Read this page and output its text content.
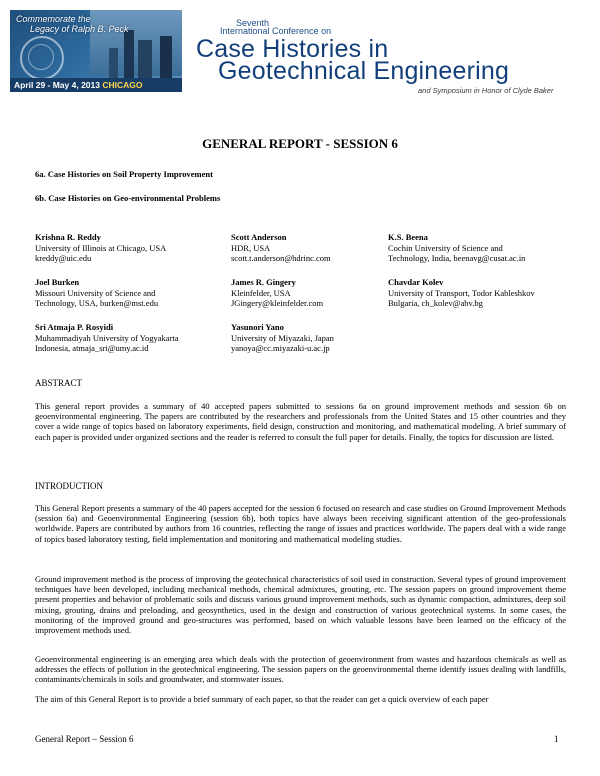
Commemorate the
Legacy of Ralph B. Peck
April 29 - May 4, 2013 CHICAGO
Seventh
International Conference on
Case Histories in
Geotechnical Engineering
and Symposium in Honor of Clyde Baker
GENERAL REPORT - SESSION 6
6a. Case Histories on Soil Property Improvement
6b. Case Histories on Geo-environmental Problems
Krishna R. Reddy
University of Illinois at Chicago, USA
kreddy@uic.edu
Scott Anderson
HDR, USA
scott.t.anderson@hdrinc.com
K.S. Beena
Cochin University of Science and
Technology, India, beenavg@cusat.ac.in
Joel Burken
Missouri University of Science and
Technology, USA, burken@mst.edu
James R. Gingery
Kleinfelder, USA
JGingery@kleinfelder.com
Chavdar Kolev
University of Transport, Todor Kableshkov
Bulgaria, ch_kolev@abv.bg
Sri Atmaja P. Rosyidi
Muhammadiyah University of Yogyakarta
Indonesia, atmaja_sri@umy.ac.id
Yasunori Yano
University of Miyazaki, Japan
yanoya@cc.miyazaki-u.ac.jp
ABSTRACT
This general report provides a summary of 40 accepted papers submitted to sessions 6a on ground improvement methods and session 6b on geoenvironmental engineering. The papers are contributed by the researchers and professionals from the United States and 15 other countries and they cover a wide range of topics based on laboratory experiments, field design, construction and monitoring, and mathematical modeling. A brief summary of each paper is provided under organized sections and the reader is referred to consult the full paper for details. Finally, the topics for discussion are listed.
INTRODUCTION
This General Report presents a summary of the 40 papers accepted for the session 6 focused on research and case studies on Ground Improvement Methods (session 6a) and Geoenvironmental Engineering (session 6b), both topics have always been receiving significant attention of the geo-professionals worldwide. Papers are contributed by authors from 16 countries, reflecting the range of issues and practices worldwide. The papers deal with a wide range of topics based laboratory testing, field implementation and monitoring and mathematical modeling studies.
Ground improvement method is the process of improving the geotechnical characteristics of soil used in construction. Several types of ground improvement techniques have been developed, including mechanical methods, chemical admixtures, grouting, etc. The session papers on ground improvement theme present properties and behavior of problematic soils and discuss various ground improvement methods, such as dynamic compaction, admixtures, deep soil mixing, grouting, drains and preloading, and geosynthetics, used in the design and construction of various geotechnical systems. In some cases, the monitoring of the improved ground and geo-structures was performed, based on which valuable lessons have been learned on the efficacy of the improvement methods used.
Geoenvironmental engineering is an emerging area which deals with the protection of geoenvironment from wastes and hazardous chemicals as well as addresses the effects of pollution in the geotechnical engineering. The session papers on the geoenvironmental theme identify issues dealing with landfills, contaminants/chemicals in soils and groundwater, and stormwater issues.
The aim of this General Report is to provide a brief summary of each paper, so that the reader can get a quick overview of each paper
General Report – Session 6	1
